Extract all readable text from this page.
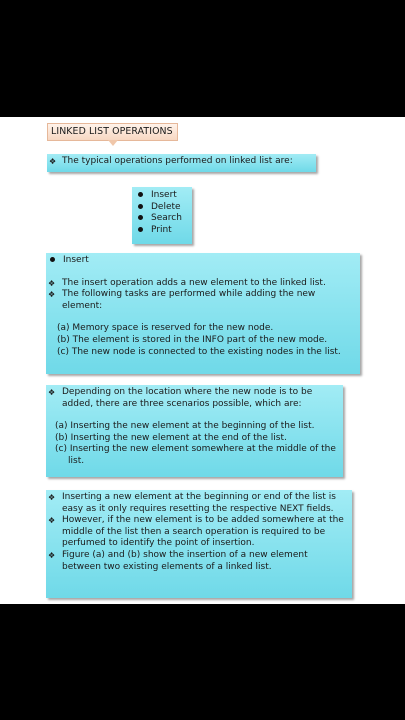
LINKED LIST OPERATIONS
❖ The typical operations performed on linked list are:
Insert
Delete
Search
Print
Insert
❖ The insert operation adds a new element to the linked list.
❖ The following tasks are performed while adding the new element:
(a) Memory space is reserved for the new node.
(b) The element is stored in the INFO part of the new mode.
(c) The new node is connected to the existing nodes in the list.
❖ Depending on the location where the new node is to be added, there are three scenarios possible, which are:
(a) Inserting the new element at the beginning of the list.
(b) Inserting the new element at the end of the list.
(c) Inserting the new element somewhere at the middle of the list.
❖ Inserting a new element at the beginning or end of the list is easy as it only requires resetting the respective NEXT fields.
❖ However, if the new element is to be added somewhere at the middle of the list then a search operation is required to be perfumed to identify the point of insertion.
❖ Figure (a) and (b) show the insertion of a new element between two existing elements of a linked list.
